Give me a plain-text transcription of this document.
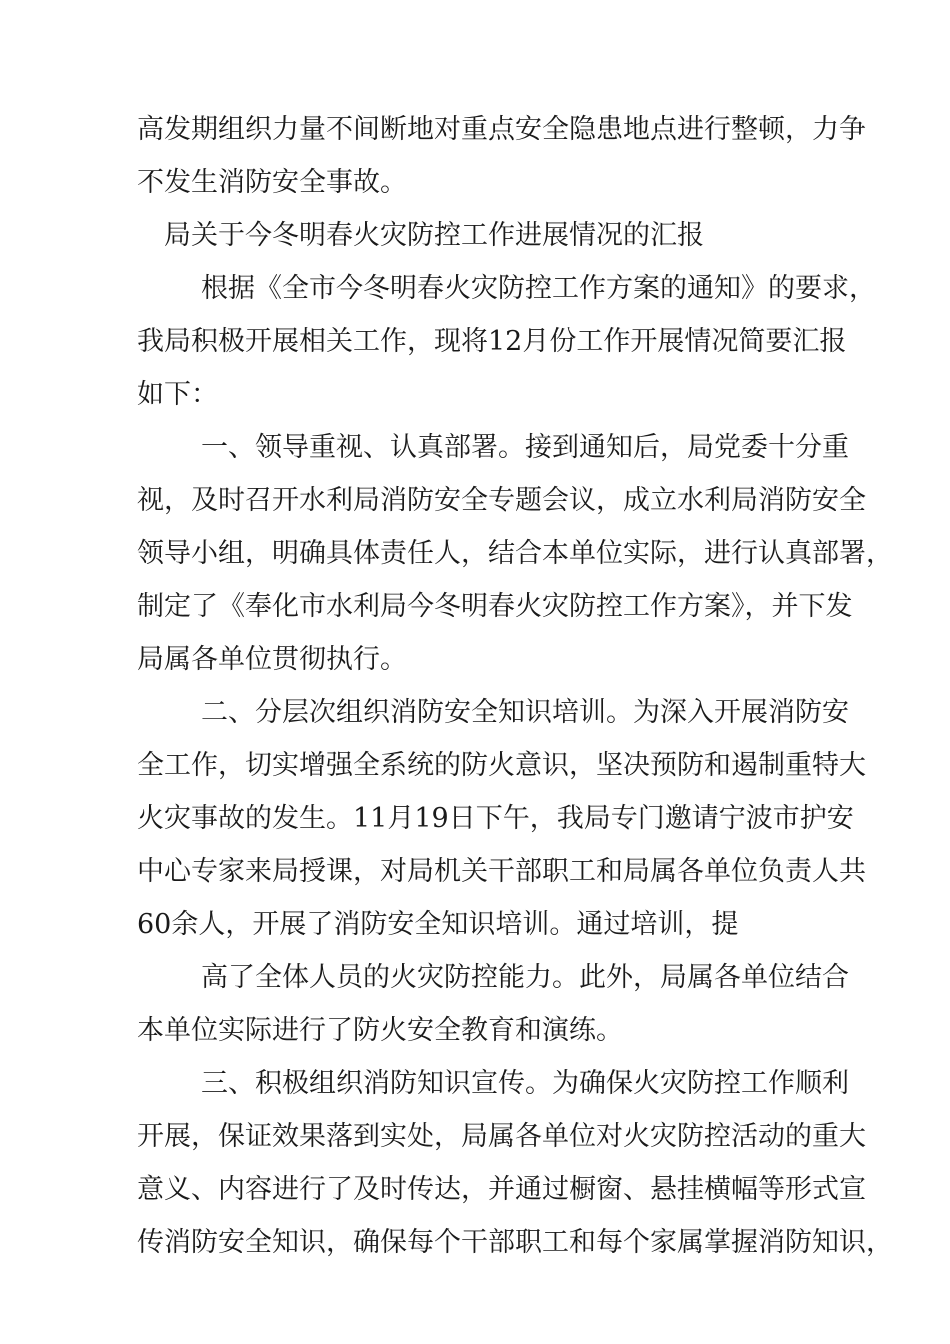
高发期组织力量不间断地对重点安全隐患地点进行整顿，力争
不发生消防安全事故。
局关于今冬明春火灾防控工作进展情况的汇报
根据《全市今冬明春火灾防控工作方案的通知》的要求，
我局积极开展相关工作，现将12月份工作开展情况简要汇报
如下：
一、领导重视、认真部署。接到通知后，局党委十分重
视，及时召开水利局消防安全专题会议，成立水利局消防安全
领导小组，明确具体责任人，结合本单位实际，进行认真部署，
制定了《奉化市水利局今冬明春火灾防控工作方案》，并下发
局属各单位贯彻执行。
二、分层次组织消防安全知识培训。为深入开展消防安
全工作，切实增强全系统的防火意识，坚决预防和遏制重特大
火灾事故的发生。11月19日下午，我局专门邀请宁波市护安
中心专家来局授课，对局机关干部职工和局属各单位负责人共
60余人，开展了消防安全知识培训。通过培训，提
高了全体人员的火灾防控能力。此外，局属各单位结合
本单位实际进行了防火安全教育和演练。
三、积极组织消防知识宣传。为确保火灾防控工作顺利
开展，保证效果落到实处，局属各单位对火灾防控活动的重大
意义、内容进行了及时传达，并通过橱窗、悬挂横幅等形式宣
传消防安全知识，确保每个干部职工和每个家属掌握消防知识，
